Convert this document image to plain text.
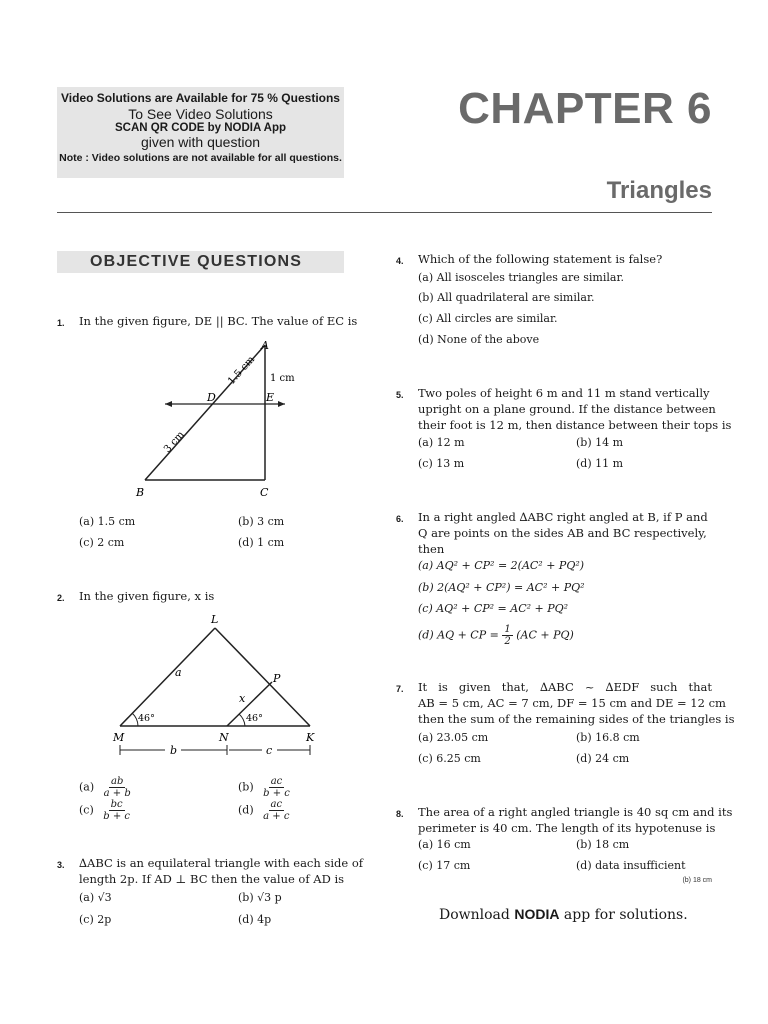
Video Solutions are Available for 75 % Questions
To See Video Solutions
SCAN QR CODE by NODIA App
given with question
Note : Video solutions are not available for all questions.
CHAPTER 6
Triangles
OBJECTIVE QUESTIONS
1. In the given figure, DE || BC. The value of EC is
A
D	E
B	C
1 cm
1.5 cm
3 cm
(a) 1.5 cm	(b) 3 cm
(c) 2 cm	(d) 1 cm
2. In the given figure, x is
L
P
a
x
46°	46°
M	N	K
b	c
$(a) \frac{ab}{a + b}$	$(b) \frac{ac}{b + c}$
$(c) \frac{bc}{b + c}$	$(d) \frac{ac}{a + c}$
3. ∆ABC is an equilateral triangle with each side of
length 2p. If AD ⊥ BC then the value of AD is
(a) √3	(b) √3 p
(c) 2p	(d) 4p
4. Which of the following statement is false?
(a) All isosceles triangles are similar.
(b) All quadrilateral are similar.
(c) All circles are similar.
(d) None of the above
5. Two poles of height 6 m and 11 m stand vertically
upright on a plane ground. If the distance between
their foot is 12 m, then distance between their tops is
(a) 12 m	(b) 14 m
(c) 13 m	(d) 11 m
6. In a right angled ∆ABC right angled at B, if P and
Q are points on the sides AB and BC respectively,
then
(a) AQ² + CP² = 2(AC² + PQ²)
(b) 2(AQ² + CP²) = AC² + PQ²
(c) AQ² + CP² = AC² + PQ²
(d) AQ + CP = $\frac{1}{2} (AC + PQ)$
7. It is given that, ∆ABC ~ ∆EDF such that
AB = 5 cm, AC = 7 cm, DF = 15 cm and DE = 12 cm
then the sum of the remaining sides of the triangles is
(a) 23.05 cm	(b) 16.8 cm
(c) 6.25 cm	(d) 24 cm
8. The area of a right angled triangle is 40 sq cm and its
perimeter is 40 cm. The length of its hypotenuse is
(a) 16 cm	(b) 18 cm
(c) 17 cm	(d) data insufficient
(b) 18 cm
Download NODIA app for solutions.
